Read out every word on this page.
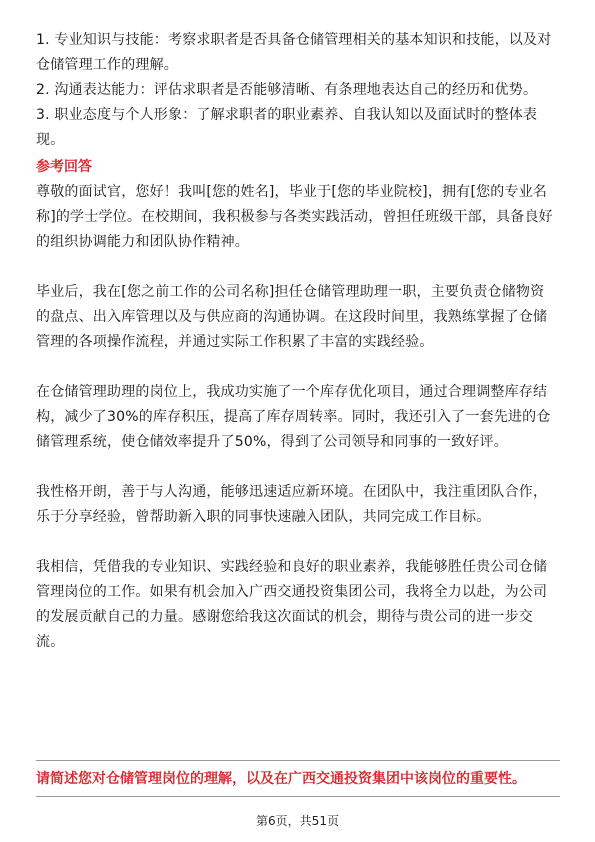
1. 专业知识与技能：考察求职者是否具备仓储管理相关的基本知识和技能，以及对

仓储管理工作的理解。

2. 沟通表达能力：评估求职者是否能够清晰、有条理地表达自己的经历和优势。

3. 职业态度与个人形象：了解求职者的职业素养、自我认知以及面试时的整体表

现。

参考回答

尊敬的面试官，您好！我叫[您的姓名]，毕业于[您的毕业院校]，拥有[您的专业名

称]的学士学位。在校期间，我积极参与各类实践活动，曾担任班级干部，具备良好

的组织协调能力和团队协作精神。

毕业后，我在[您之前工作的公司名称]担任仓储管理助理一职，主要负责仓储物资

的盘点、出入库管理以及与供应商的沟通协调。在这段时间里，我熟练掌握了仓储

管理的各项操作流程，并通过实际工作积累了丰富的实践经验。

在仓储管理助理的岗位上，我成功实施了一个库存优化项目，通过合理调整库存结

构，减少了30%的库存积压，提高了库存周转率。同时，我还引入了一套先进的仓

储管理系统，使仓储效率提升了50%，得到了公司领导和同事的一致好评。

我性格开朗，善于与人沟通，能够迅速适应新环境。在团队中，我注重团队合作，

乐于分享经验，曾帮助新入职的同事快速融入团队，共同完成工作目标。

我相信，凭借我的专业知识、实践经验和良好的职业素养，我能够胜任贵公司仓储

管理岗位的工作。如果有机会加入广西交通投资集团公司，我将全力以赴，为公司

的发展贡献自己的力量。感谢您给我这次面试的机会，期待与贵公司的进一步交

流。

请简述您对仓储管理岗位的理解，以及在广西交通投资集团中该岗位的重要性。
第6页，共51页
